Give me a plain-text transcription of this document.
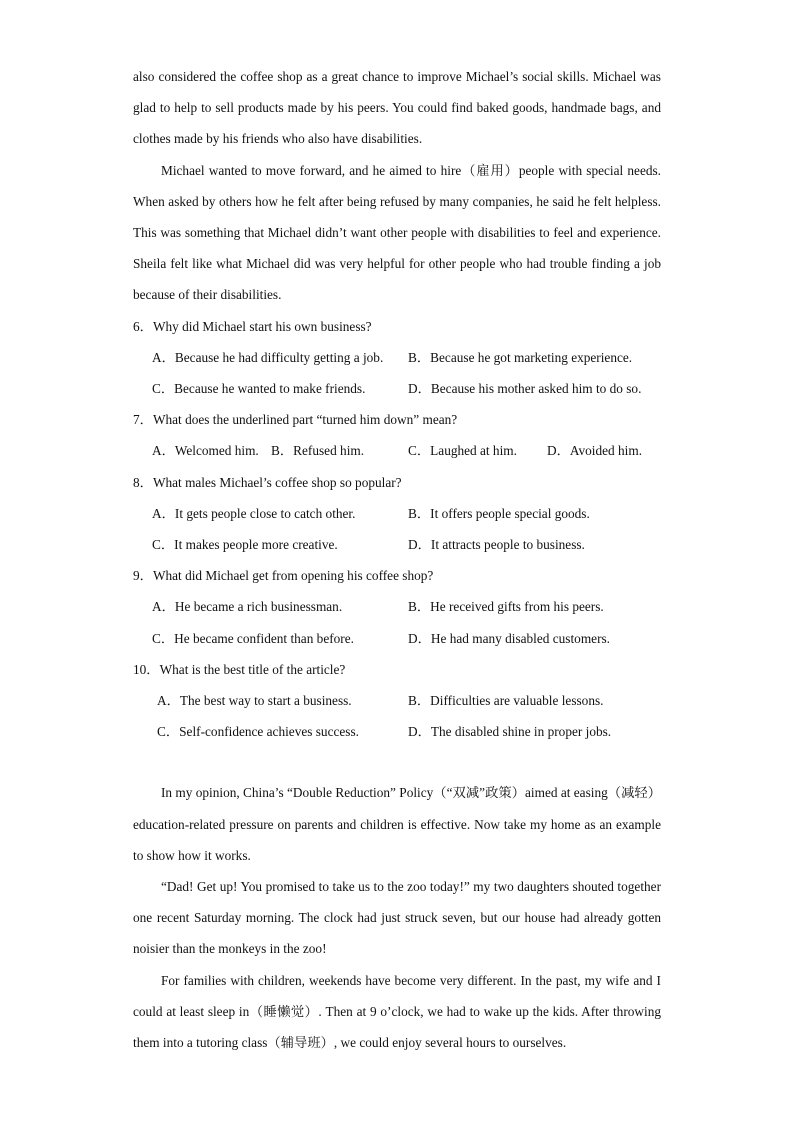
also considered the coffee shop as a great chance to improve Michael’s social skills. Michael was glad to help to sell products made by his peers. You could find baked goods, handmade bags, and clothes made by his friends who also have disabilities.

Michael wanted to move forward, and he aimed to hire（雇用）people with special needs. When asked by others how he felt after being refused by many companies, he said he felt helpless. This was something that Michael didn’t want other people with disabilities to feel and experience. Sheila felt like what Michael did was very helpful for other people who had trouble finding a job because of their disabilities.

6．Why did Michael start his own business?

A．Because he had difficulty getting a job. B．Because he got marketing experience.
C．Because he wanted to make friends.	D．Because his mother asked him to do so.

7．What does the underlined part “turned him down” mean?

A．Welcomed him. B．Refused him.	C．Laughed at him. D．Avoided him.

8．What males Michael’s coffee shop so popular?

A．It gets people close to catch other.	B．It offers people special goods.
C．It makes people more creative.	D．It attracts people to business.

9．What did Michael get from opening his coffee shop?

A．He became a rich businessman.	B．He received gifts from his peers.
C．He became confident than before.	D．He had many disabled customers.

10．What is the best title of the article?

A．The best way to start a business.	B．Difficulties are valuable lessons.
C．Self-confidence achieves success.	D．The disabled shine in proper jobs.

In my opinion, China’s “Double Reduction” Policy（“双减”政策）aimed at easing（减轻）education-related pressure on parents and children is effective. Now take my home as an example to show how it works.

“Dad! Get up! You promised to take us to the zoo today!” my two daughters shouted together one recent Saturday morning. The clock had just struck seven, but our house had already gotten noisier than the monkeys in the zoo!

For families with children, weekends have become very different. In the past, my wife and I could at least sleep in（睡懒觉）. Then at 9 o’clock, we had to wake up the kids. After throwing them into a tutoring class（辅导班）, we could enjoy several hours to ourselves.
